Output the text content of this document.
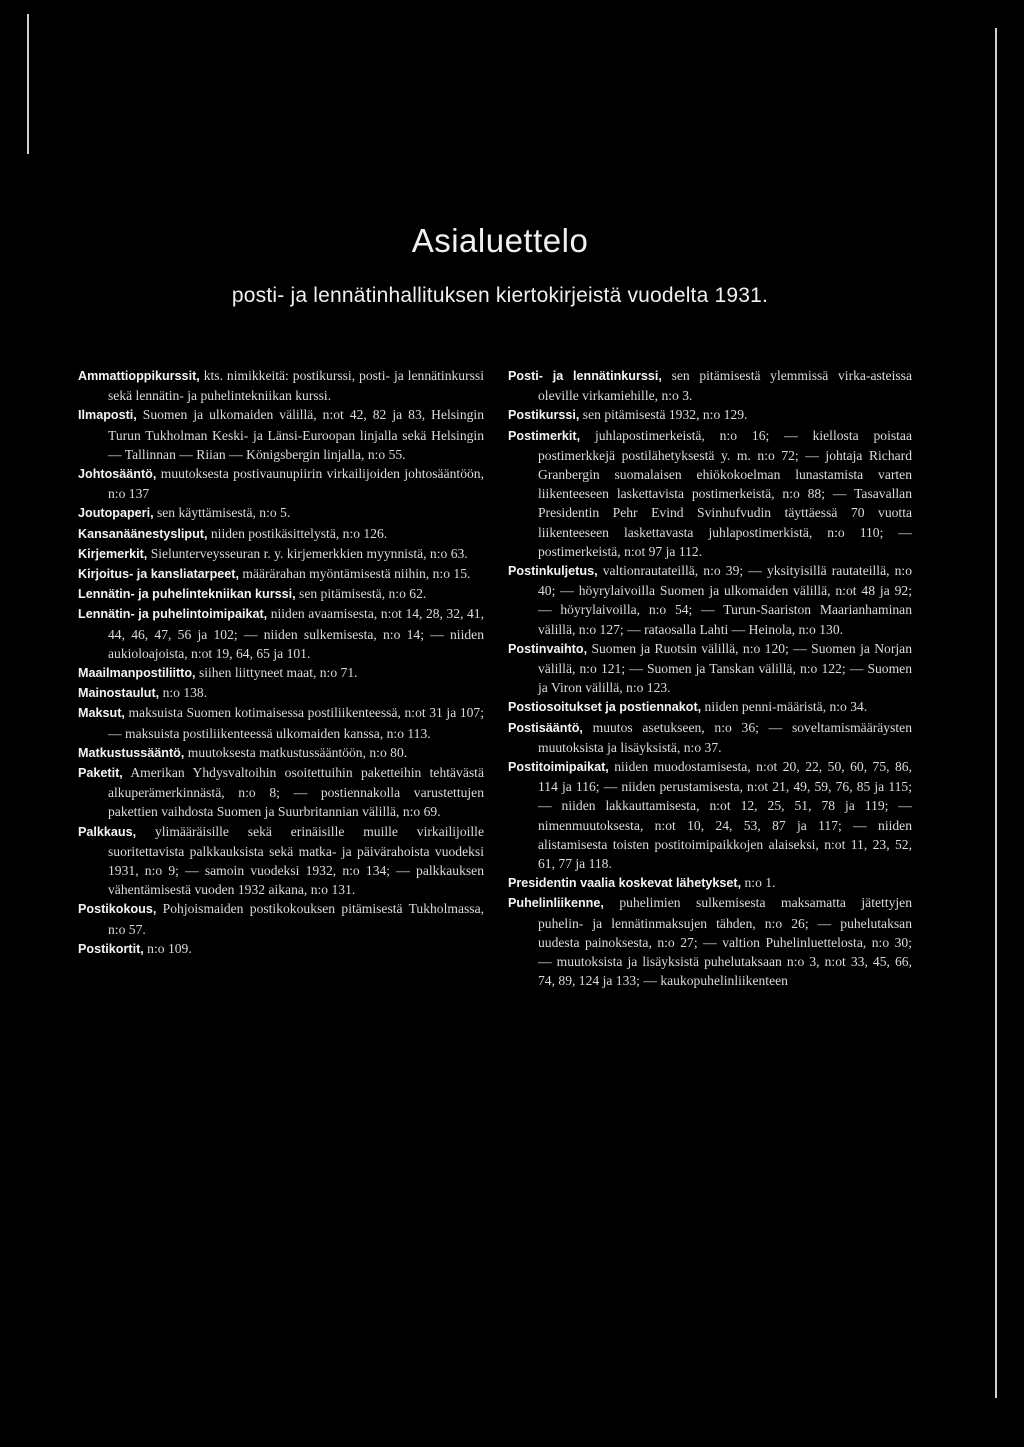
Asialuettelo
posti- ja lennätinhallituksen kiertokirjeistä vuodelta 1931.

Ammattioppikurssit, kts. nimikkeitä: postikurssi, posti- ja lennätinkurssi sekä lennätin- ja puhelintekniikan kurssi.

Ilmaposti, Suomen ja ulkomaiden välillä, n:ot 42, 82 ja 83, Helsingin Turun Tukholman Keski- ja Länsi-Euroopan linjalla sekä Helsingin — Tallinnan — Riian — Königsbergin linjalla, n:o 55.

Johtosääntö, muutoksesta postivaunupiirin virkailijoiden johtosääntöön, n:o 137

Joutopaperi, sen käyttämisestä, n:o 5.

Kansanäänestysliput, niiden postikäsittelystä, n:o 126.

Kirjemerkit, Sielunterveysseuran r. y. kirjemerkkien myynnistä, n:o 63.

Kirjoitus- ja kansliatarpeet, määrärahan myöntämisestä niihin, n:o 15.

Lennätin- ja puhelintekniikan kurssi, sen pitämisestä, n:o 62.

Lennätin- ja puhelintoimipaikat, niiden avaamisesta, n:ot 14, 28, 32, 41, 44, 46, 47, 56 ja 102; — niiden sulkemisesta, n:o 14; — niiden aukioloajoista, n:ot 19, 64, 65 ja 101.

Maailmanpostiliitto, siihen liittyneet maat, n:o 71.

Mainostaulut, n:o 138.

Maksut, maksuista Suomen kotimaisessa postiliikenteessä, n:ot 31 ja 107; — maksuista postiliikenteessä ulkomaiden kanssa, n:o 113.

Matkustussääntö, muutoksesta matkustussääntöön, n:o 80.

Paketit, Amerikan Yhdysvaltoihin osoitettuihin paketteihin tehtävästä alkuperämerkinnästä, n:o 8; — postiennakolla varustettujen pakettien vaihdosta Suomen ja Suurbritannian välillä, n:o 69.

Palkkaus, ylimääräisille sekä erinäisille muille virkailijoille suoritettavista palkkauksista sekä matka- ja päivärahoista vuodeksi 1931, n:o 9; — samoin vuodeksi 1932, n:o 134; — palkkauksen vähentämisestä vuoden 1932 aikana, n:o 131.

Postikokous, Pohjoismaiden postikokouksen pitämisestä Tukholmassa, n:o 57.

Postikortit, n:o 109.

Posti- ja lennätinkurssi, sen pitämisestä ylemmissä virka-asteissa oleville virkamiehille, n:o 3.

Postikurssi, sen pitämisestä 1932, n:o 129.

Postimerkit, juhlapostimerkeistä, n:o 16; — kiellosta poistaa postimerkkejä postilähetyksestä y. m. n:o 72; — johtaja Richard Granbergin suomalaisen ehiökokoelman lunastamista varten liikenteeseen laskettavista postimerkeistä, n:o 88; — Tasavallan Presidentin Pehr Evind Svinhufvudin täyttäessä 70 vuotta liikenteeseen laskettavasta juhlapostimerkistä, n:o 110; — postimerkeistä, n:ot 97 ja 112.

Postinkuljetus, valtionrautateillä, n:o 39; — yksityisillä rautateillä, n:o 40; — höyrylaivoilla Suomen ja ulkomaiden välillä, n:ot 48 ja 92; — höyrylaivoilla, n:o 54; — Turun-Saariston Maarianhaminan välillä, n:o 127; — rataosalla Lahti — Heinola, n:o 130.

Postinvaihto, Suomen ja Ruotsin välillä, n:o 120; — Suomen ja Norjan välillä, n:o 121; — Suomen ja Tanskan välillä, n:o 122; — Suomen ja Viron välillä, n:o 123.

Postiosoitukset ja postiennakot, niiden penni-määristä, n:o 34.

Postisääntö, muutos asetukseen, n:o 36; — soveltamismääräysten muutoksista ja lisäyksistä, n:o 37.

Postitoimipaikat, niiden muodostamisesta, n:ot 20, 22, 50, 60, 75, 86, 114 ja 116; — niiden perustamisesta, n:ot 21, 49, 59, 76, 85 ja 115; — niiden lakkauttamisesta, n:ot 12, 25, 51, 78 ja 119; — nimenmuutoksesta, n:ot 10, 24, 53, 87 ja 117; — niiden alistamisesta toisten postitoimipaikkojen alaiseksi, n:ot 11, 23, 52, 61, 77 ja 118.

Presidentin vaalia koskevat lähetykset, n:o 1.

Puhelinliikenne, puhelimien sulkemisesta maksamatta jätettyjen puhelin- ja lennätinmaksujen tähden, n:o 26; — puhelutaksan uudesta painoksesta, n:o 27; — valtion Puhelinluettelosta, n:o 30; — muutoksista ja lisäyksistä puhelutaksaan n:o 3, n:ot 33, 45, 66, 74, 89, 124 ja 133; — kaukopuhelinliikenteen
